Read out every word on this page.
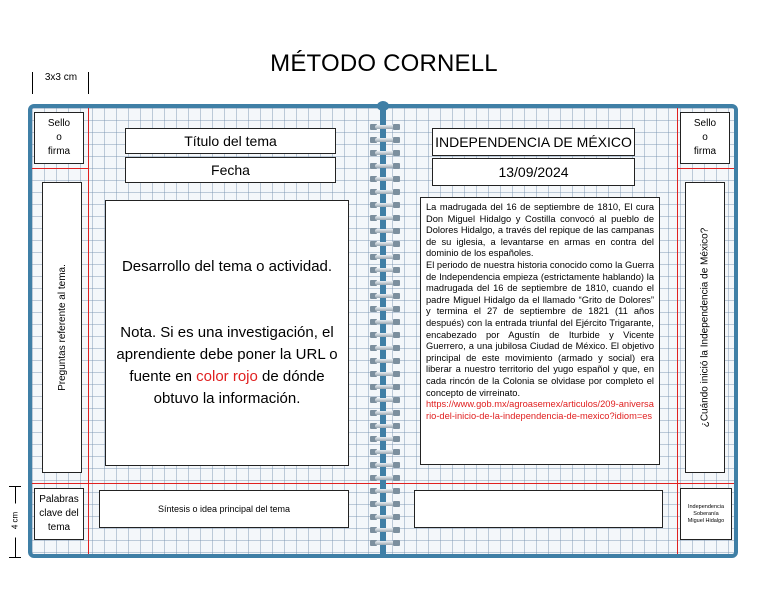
MÉTODO CORNELL
3x3 cm
4 cm
Sello
o
firma
Título del tema
Fecha
Preguntas referente al tema.	Desarrollo del tema o actividad.
Nota. Si es una investigación, el aprendiente debe poner la URL o fuente en color rojo de dónde obtuvo la información.
Palabras
clave del
tema
Síntesis o idea principal del tema
Sello
o
firma
INDEPENDENCIA DE MÉXICO
13/09/2024
¿Cuándo inició la Independencia de México?
La madrugada del 16 de septiembre de 1810, El cura Don Miguel Hidalgo y Costilla convocó al pueblo de Dolores Hidalgo, a través del repique de las campanas de su iglesia, a levantarse en armas en contra del dominio de los españoles.
El periodo de nuestra historia conocido como la Guerra de Independencia empieza (estrictamente hablando) la madrugada del 16 de septiembre de 1810, cuando el padre Miguel Hidalgo da el llamado “Grito de Dolores” y termina el 27 de septiembre de 1821 (11 años después) con la entrada triunfal del Ejército Trigarante, encabezado por Agustín de Iturbide y Vicente Guerrero, a una jubilosa Ciudad de México. El objetivo principal de este movimiento (armado y social) era liberar a nuestro territorio del yugo español y que, en cada rincón de la Colonia se olvidase por completo el concepto de virreinato.
https://www.gob.mx/agroasemex/articulos/209-aniversario-del-inicio-de-la-independencia-de-mexico?idiom=es
Independencia
Soberanía
Miguel Hidalgo
